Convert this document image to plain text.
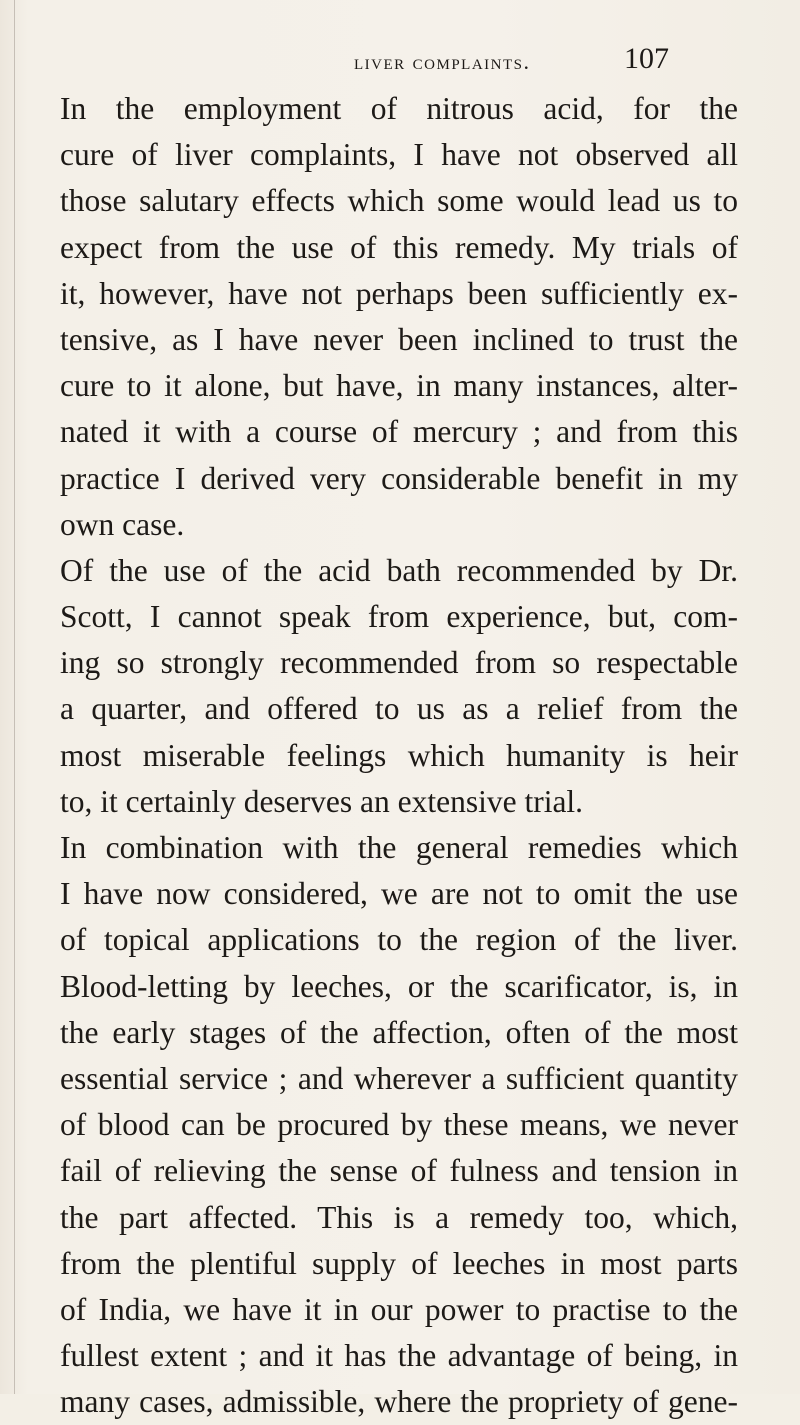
liver complaints.	107
In the employment of nitrous acid, for the
cure of liver complaints, I have not observed all
those salutary effects which some would lead us to
expect from the use of this remedy. My trials of
it, however, have not perhaps been sufficiently ex-
tensive, as I have never been inclined to trust the
cure to it alone, but have, in many instances, alter-
nated it with a course of mercury ; and from this
practice I derived very considerable benefit in my
own case.
Of the use of the acid bath recommended by Dr.
Scott, I cannot speak from experience, but, com-
ing so strongly recommended from so respectable
a quarter, and offered to us as a relief from the
most miserable feelings which humanity is heir
to, it certainly deserves an extensive trial.
In combination with the general remedies which
I have now considered, we are not to omit the use
of topical applications to the region of the liver.
Blood-letting by leeches, or the scarificator, is, in
the early stages of the affection, often of the most
essential service ; and wherever a sufficient quantity
of blood can be procured by these means, we never
fail of relieving the sense of fulness and tension in
the part affected. This is a remedy too, which,
from the plentiful supply of leeches in most parts
of India, we have it in our power to practise to the
fullest extent ; and it has the advantage of being, in
many cases, admissible, where the propriety of gene-
